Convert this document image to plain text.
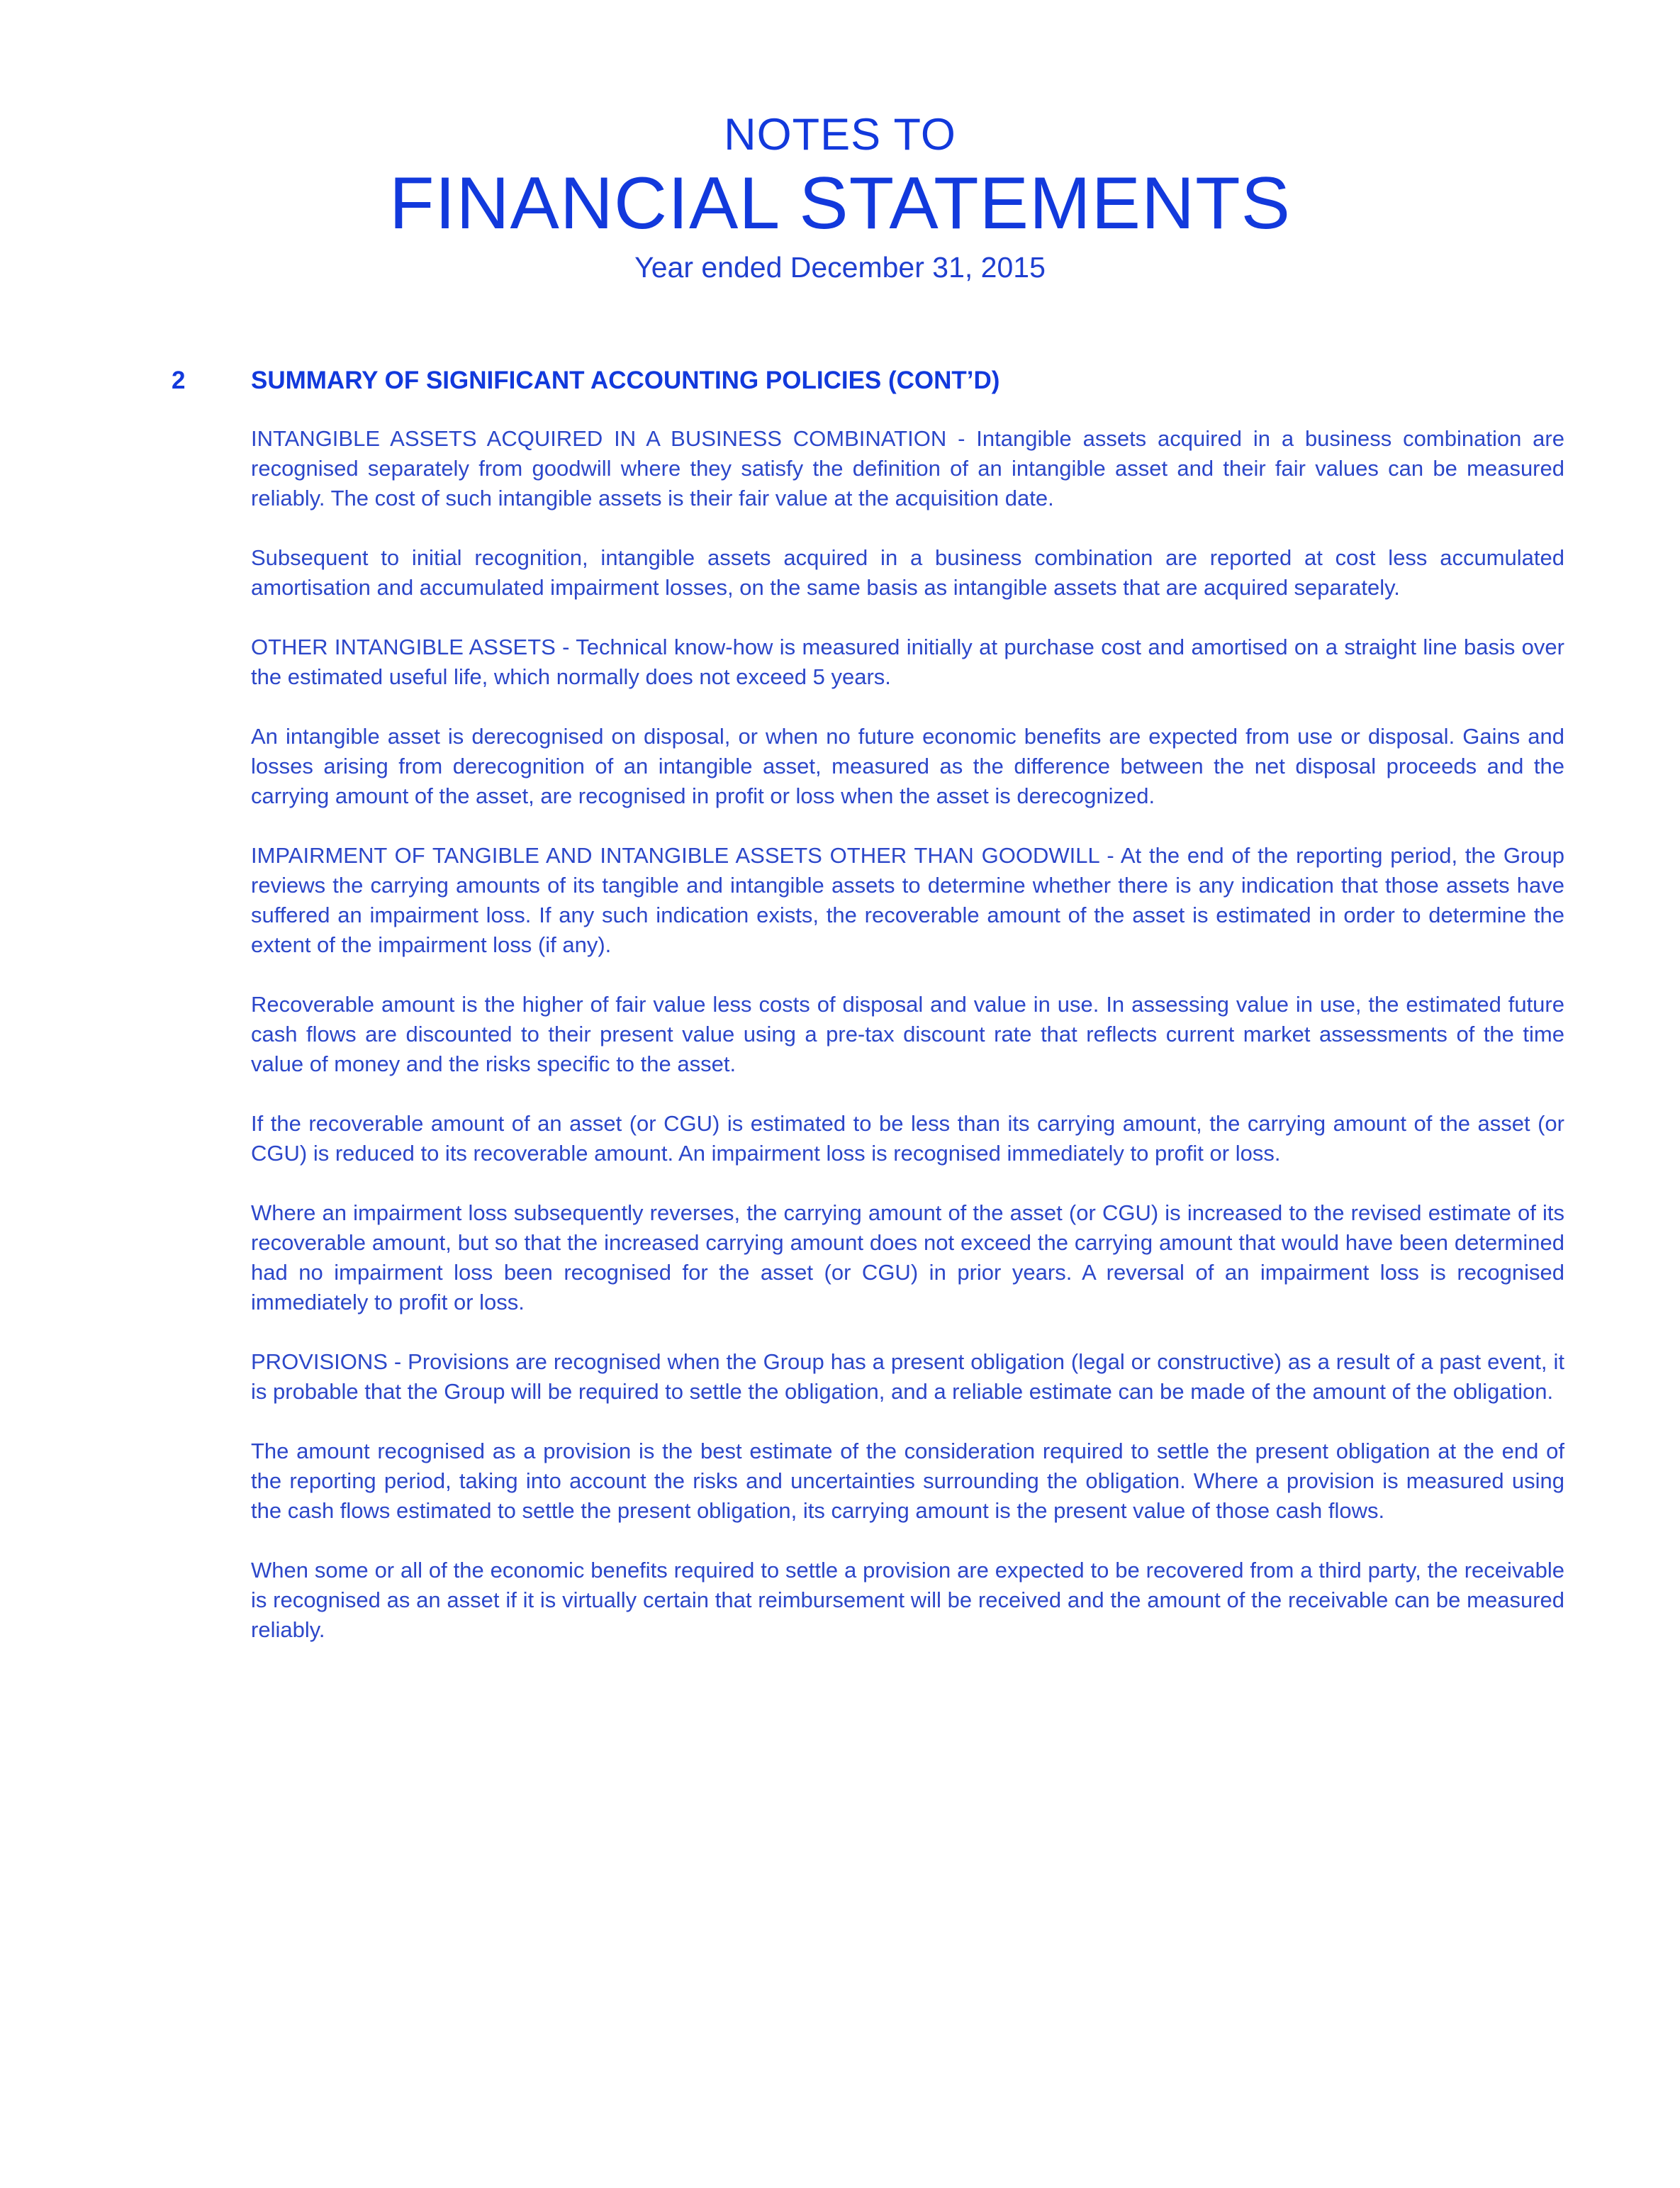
NOTES TO
FINANCIAL STATEMENTS
Year ended December 31, 2015
2	SUMMARY OF SIGNIFICANT ACCOUNTING POLICIES (CONT’D)

INTANGIBLE ASSETS ACQUIRED IN A BUSINESS COMBINATION - Intangible assets acquired in a business combination are recognised separately from goodwill where they satisfy the definition of an intangible asset and their fair values can be measured reliably. The cost of such intangible assets is their fair value at the acquisition date.

Subsequent to initial recognition, intangible assets acquired in a business combination are reported at cost less accumulated amortisation and accumulated impairment losses, on the same basis as intangible assets that are acquired separately.

OTHER INTANGIBLE ASSETS - Technical know-how is measured initially at purchase cost and amortised on a straight line basis over the estimated useful life, which normally does not exceed 5 years.

An intangible asset is derecognised on disposal, or when no future economic benefits are expected from use or disposal. Gains and losses arising from derecognition of an intangible asset, measured as the difference between the net disposal proceeds and the carrying amount of the asset, are recognised in profit or loss when the asset is derecognized.

IMPAIRMENT OF TANGIBLE AND INTANGIBLE ASSETS OTHER THAN GOODWILL - At the end of the reporting period, the Group reviews the carrying amounts of its tangible and intangible assets to determine whether there is any indication that those assets have suffered an impairment loss. If any such indication exists, the recoverable amount of the asset is estimated in order to determine the extent of the impairment loss (if any).

Recoverable amount is the higher of fair value less costs of disposal and value in use. In assessing value in use, the estimated future cash flows are discounted to their present value using a pre-tax discount rate that reflects current market assessments of the time value of money and the risks specific to the asset.

If the recoverable amount of an asset (or CGU) is estimated to be less than its carrying amount, the carrying amount of the asset (or CGU) is reduced to its recoverable amount. An impairment loss is recognised immediately to profit or loss.

Where an impairment loss subsequently reverses, the carrying amount of the asset (or CGU) is increased to the revised estimate of its recoverable amount, but so that the increased carrying amount does not exceed the carrying amount that would have been determined had no impairment loss been recognised for the asset (or CGU) in prior years. A reversal of an impairment loss is recognised immediately to profit or loss.

PROVISIONS - Provisions are recognised when the Group has a present obligation (legal or constructive) as a result of a past event, it is probable that the Group will be required to settle the obligation, and a reliable estimate can be made of the amount of the obligation.

The amount recognised as a provision is the best estimate of the consideration required to settle the present obligation at the end of the reporting period, taking into account the risks and uncertainties surrounding the obligation. Where a provision is measured using the cash flows estimated to settle the present obligation, its carrying amount is the present value of those cash flows.

When some or all of the economic benefits required to settle a provision are expected to be recovered from a third party, the receivable is recognised as an asset if it is virtually certain that reimbursement will be received and the amount of the receivable can be measured reliably.
